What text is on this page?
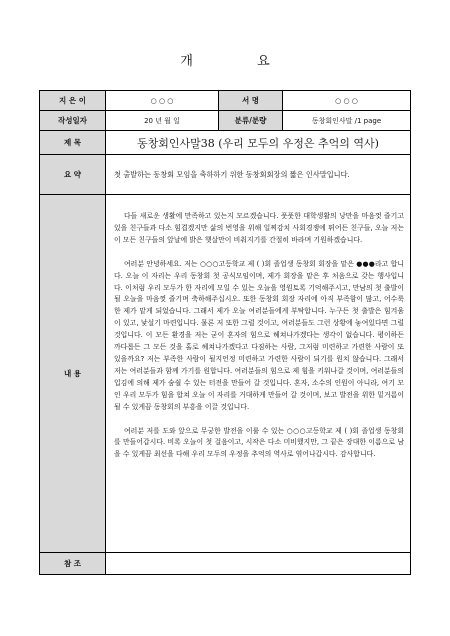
개 요
지 은 이	○ ○ ○	서 명	○ ○ ○
작성일자	20 년 월 일	분류/분량	동창회인사말 /1 page
제 목	동창회인사말38 (우리 모두의 우정은 추억의 역사)		
요 약	첫 출발하는 동창회 모임을 축하하기 위한 동창회회장의 짧은 인사말입니다.		
내 용	다들 새로운 생활에 만족하고 있는지 모르겠습니다. 풋풋한 대학생활의 낭만을 마음껏 즐기고 있을 친구들과 다소 힘겹겠지만 삶의 번영을 위해 일찌감치 사회경쟁에 뛰어든 친구들, 오늘 저는 이 모든 친구들의 앞날에 밝은 햇살만이 비춰지기를 간절히 바라며 기원하겠습니다.

여러분 안녕하세요. 저는 ○○○고등학교 제 ( )회 졸업생 동창회 회장을 맡은 ●●●라고 합니다. 오늘 이 자리는 우리 동창회 첫 공식모임이며, 제가 회장을 맡은 후 처음으로 갖는 행사입니다. 이처럼 우리 모두가 한 자리에 모일 수 있는 오늘을 영원토록 기억해주시고, 만남의 첫 출발이 될 오늘을 마음껏 즐기며 축하해주십시오. 또한 동창회 회장 자리에 아직 부족함이 많고, 어수룩한 제가 맡게 되었습니다. 그래서 제가 오늘 여러분들에게 부탁합니다. 누구든 첫 출발은 힘겨움이 있고, 낯설기 마련입니다. 물론 저 또한 그럴 것이고, 여러분들도 그런 상황에 놓여있다면 그럴 것입니다. 이 모든 환경을 저는 굳이 혼자의 힘으로 헤쳐나가겠다는 생각이 없습니다. 평이하든 까다롭든 그 모든 것을 홀로 헤쳐나가겠다고 다짐하는 사람, 그저럼 미련하고 가련한 사람이 또 있을까요? 저는 부족한 사람이 될지언정 미련하고 가련한 사람이 되기를 원치 않습니다. 그래서 저는 여러분들과 함께 가기를 원합니다. 여러분들의 힘으로 제 힘을 키워나갈 것이며, 여러분들의 입김에 의해 제가 숨쉴 수 있는 터전을 만들어 갈 것입니다. 혼자, 소수의 인원이 아니라, 여기 모인 우리 모두가 힘을 합쳐 오늘 이 자리를 거대하게 만들어 갈 것이며, 보고 발전을 위한 밑거름이 될 수 있게끔 동창회의 부흥을 이끌 것입니다.

여러분 저를 도와 앞으로 무궁한 발전을 이룰 수 있는 ○○○고등학교 제 ( )회 졸업생 동창회를 만들어갑시다. 비록 오늘이 첫 걸음이고, 시작은 다소 미비했지만, 그 끝은 장대한 이름으로 남을 수 있게끔 최선을 다해 우리 모두의 우정을 추억의 역사로 엮어나갑시다. 감사합니다.		

참 조			
